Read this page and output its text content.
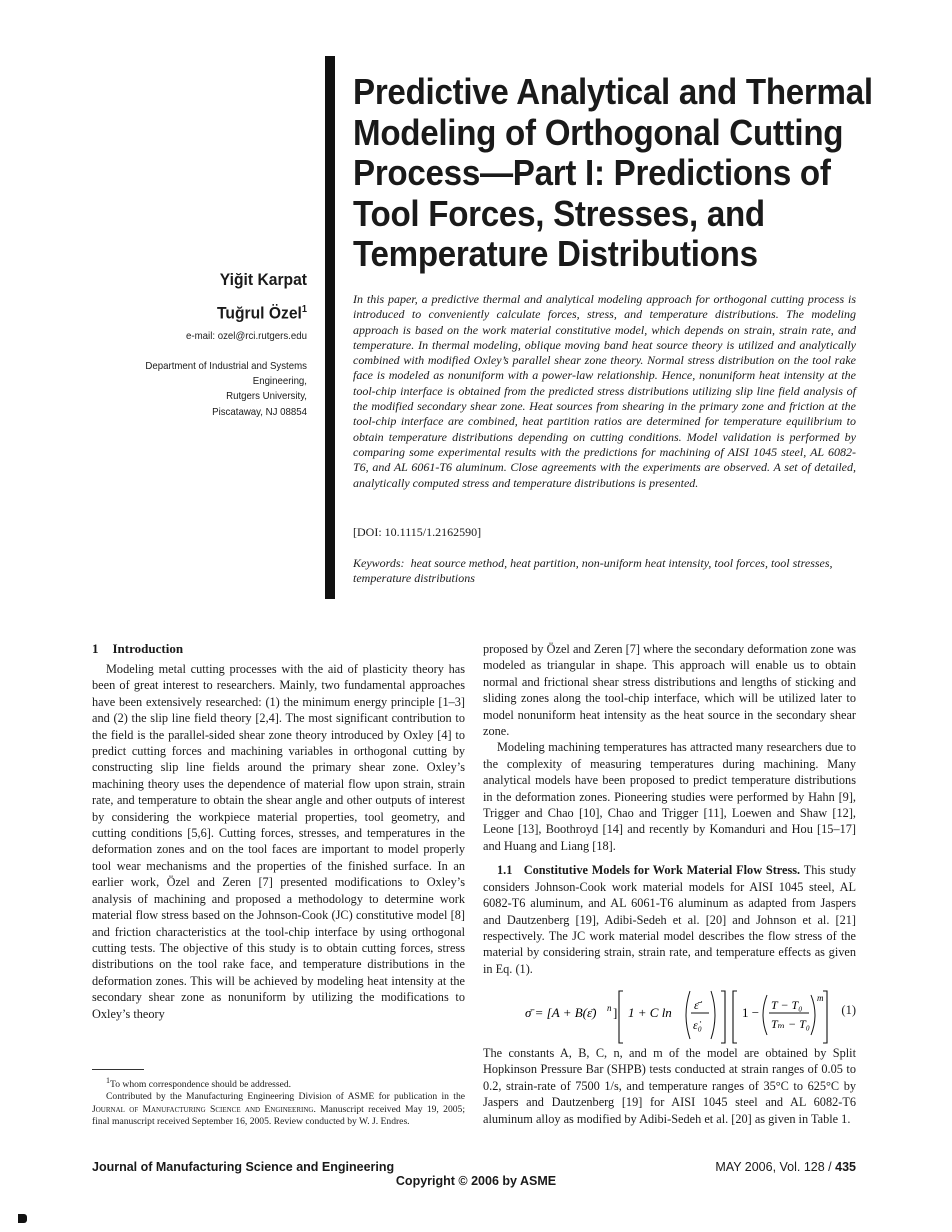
Predictive Analytical and Thermal
Modeling of Orthogonal Cutting
Process—Part I: Predictions of
Tool Forces, Stresses, and
Temperature Distributions
Yiğit Karpat
Tuğrul Özel$^1$
e-mail: ozel@rci.rutgers.edu
Department of Industrial and Systems
Engineering,
Rutgers University,
Piscataway, NJ 08854
In this paper, a predictive thermal and analytical modeling approach for orthogonal cutting process is introduced to conveniently calculate forces, stress, and temperature distributions. The modeling approach is based on the work material constitutive model, which depends on strain, strain rate, and temperature. In thermal modeling, oblique moving band heat source theory is utilized and analytically combined with modified Oxley’s parallel shear zone theory. Normal stress distribution on the tool rake face is modeled as nonuniform with a power-law relationship. Hence, nonuniform heat intensity at the tool-chip interface is obtained from the predicted stress distributions utilizing slip line field analysis of the modified secondary shear zone. Heat sources from shearing in the primary zone and friction at the tool-chip interface are combined, heat partition ratios are determined for temperature equilibrium to obtain temperature distributions depending on cutting conditions. Model validation is performed by comparing some experimental results with the predictions for machining of AISI 1045 steel, AL 6082-T6, and AL 6061-T6 aluminum. Close agreements with the experiments are observed. A set of detailed, analytically computed stress and temperature distributions is presented.
[DOI: 10.1115/1.2162590]
Keywords: heat source method, heat partition, non-uniform heat intensity, tool forces, tool stresses, temperature distributions
1 Introduction

Modeling metal cutting processes with the aid of plasticity theory has been of great interest to researchers. Mainly, two fundamental approaches have been extensively researched: (1) the minimum energy principle [1–3] and (2) the slip line field theory [2,4]. The most significant contribution to the field is the parallel-sided shear zone theory introduced by Oxley [4] to predict cutting forces and machining variables in orthogonal cutting by constructing slip line fields around the primary shear zone. Oxley’s machining theory uses the dependence of material flow upon strain, strain rate, and temperature to obtain the shear angle and other outputs of interest by considering the workpiece material properties, tool geometry, and cutting conditions [5,6]. Cutting forces, stresses, and temperatures in the deformation zones and on the tool faces are important to model properly tool wear mechanisms and the properties of the finished surface. In an earlier work, Özel and Zeren [7] presented modifications to Oxley’s analysis of machining and proposed a methodology to determine work material flow stress based on the Johnson-Cook (JC) constitutive model [8] and friction characteristics at the tool-chip interface by using orthogonal cutting tests. The objective of this study is to obtain cutting forces, stress distributions on the tool rake face, and temperature distributions in the deformation zones. This will be achieved by modeling heat intensity at the secondary shear zone as nonuniform by utilizing the modifications to Oxley’s theory

proposed by Özel and Zeren [7] where the secondary deformation zone was modeled as triangular in shape. This approach will enable us to obtain normal and frictional shear stress distributions and lengths of sticking and sliding zones along the tool-chip interface, which will be utilized later to model nonuniform heat intensity as the heat source in the secondary shear zone.

Modeling machining temperatures has attracted many researchers due to the complexity of measuring temperatures during machining. Many analytical models have been proposed to predict temperature distributions in the deformation zones. Pioneering studies were performed by Hahn [9], Trigger and Chao [10], Chao and Trigger [11], Loewen and Shaw [12], Leone [13], Boothroyd [14] and recently by Komanduri and Hou [15–17] and Huang and Liang [18].

1.1 Constitutive Models for Work Material Flow Stress. This study considers Johnson-Cook work material models for AISI 1045 steel, AL 6082-T6 aluminum, and AL 6061-T6 aluminum as adapted from Jaspers and Dautzenberg [19], Adibi-Sedeh et al. [20] and Johnson et al. [21] respectively. The JC work material model describes the flow stress of the material by considering strain, strain rate, and temperature effects as given in Eq. (1).

σ̄ = [A + B(ε̄) n ] 1 + C ln ε̇̄
ε̇₀
1 − T − T₀
Tₘ − T₀
m
(1)

The constants A, B, C, n, and m of the model are obtained by Split Hopkinson Pressure Bar (SHPB) tests conducted at strain ranges of 0.05 to 0.2, strain-rate of 7500 1/s, and temperature ranges of 35°C to 625°C by Jaspers and Dautzenberg [19] for AISI 1045 steel and AL 6082-T6 aluminum alloy as modified by Adibi-Sedeh et al. [20] as given in Table 1.

$^1$To whom correspondence should be addressed.

Contributed by the Manufacturing Engineering Division of ASME for publication in the Journal of Manufacturing Science and Engineering. Manuscript received May 19, 2005; final manuscript received September 16, 2005. Review conducted by W. J. Endres.

Journal of Manufacturing Science and Engineering	MAY 2006, Vol. 128 / 435
Copyright © 2006 by ASME
